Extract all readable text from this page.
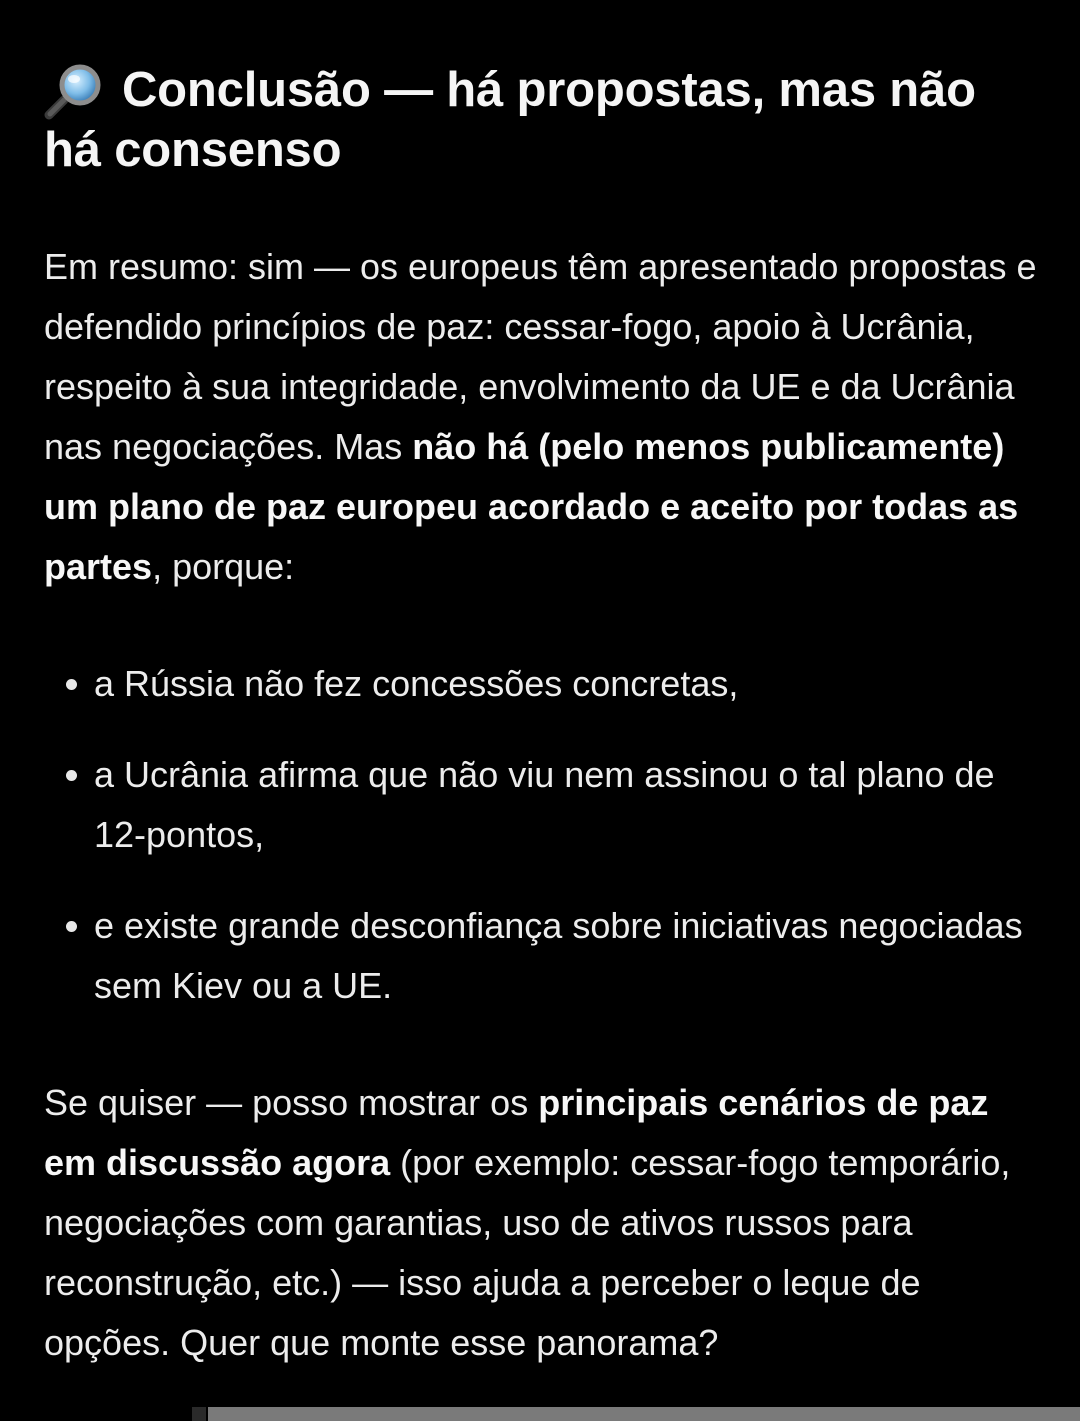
Conclusão — há propostas, mas não há consenso

Em resumo: sim — os europeus têm apresentado propostas e defendido princípios de paz: cessar-fogo, apoio à Ucrânia, respeito à sua integridade, envolvimento da UE e da Ucrânia nas negociações. Mas não há (pelo menos publicamente) um plano de paz europeu acordado e aceito por todas as partes, porque:

a Rússia não fez concessões concretas,
a Ucrânia afirma que não viu nem assinou o tal plano de 12-pontos,
e existe grande desconfiança sobre iniciativas negociadas sem Kiev ou a UE.

Se quiser — posso mostrar os principais cenários de paz em discussão agora (por exemplo: cessar-fogo temporário, negociações com garantias, uso de ativos russos para reconstrução, etc.) — isso ajuda a perceber o leque de opções. Quer que monte esse panorama?
